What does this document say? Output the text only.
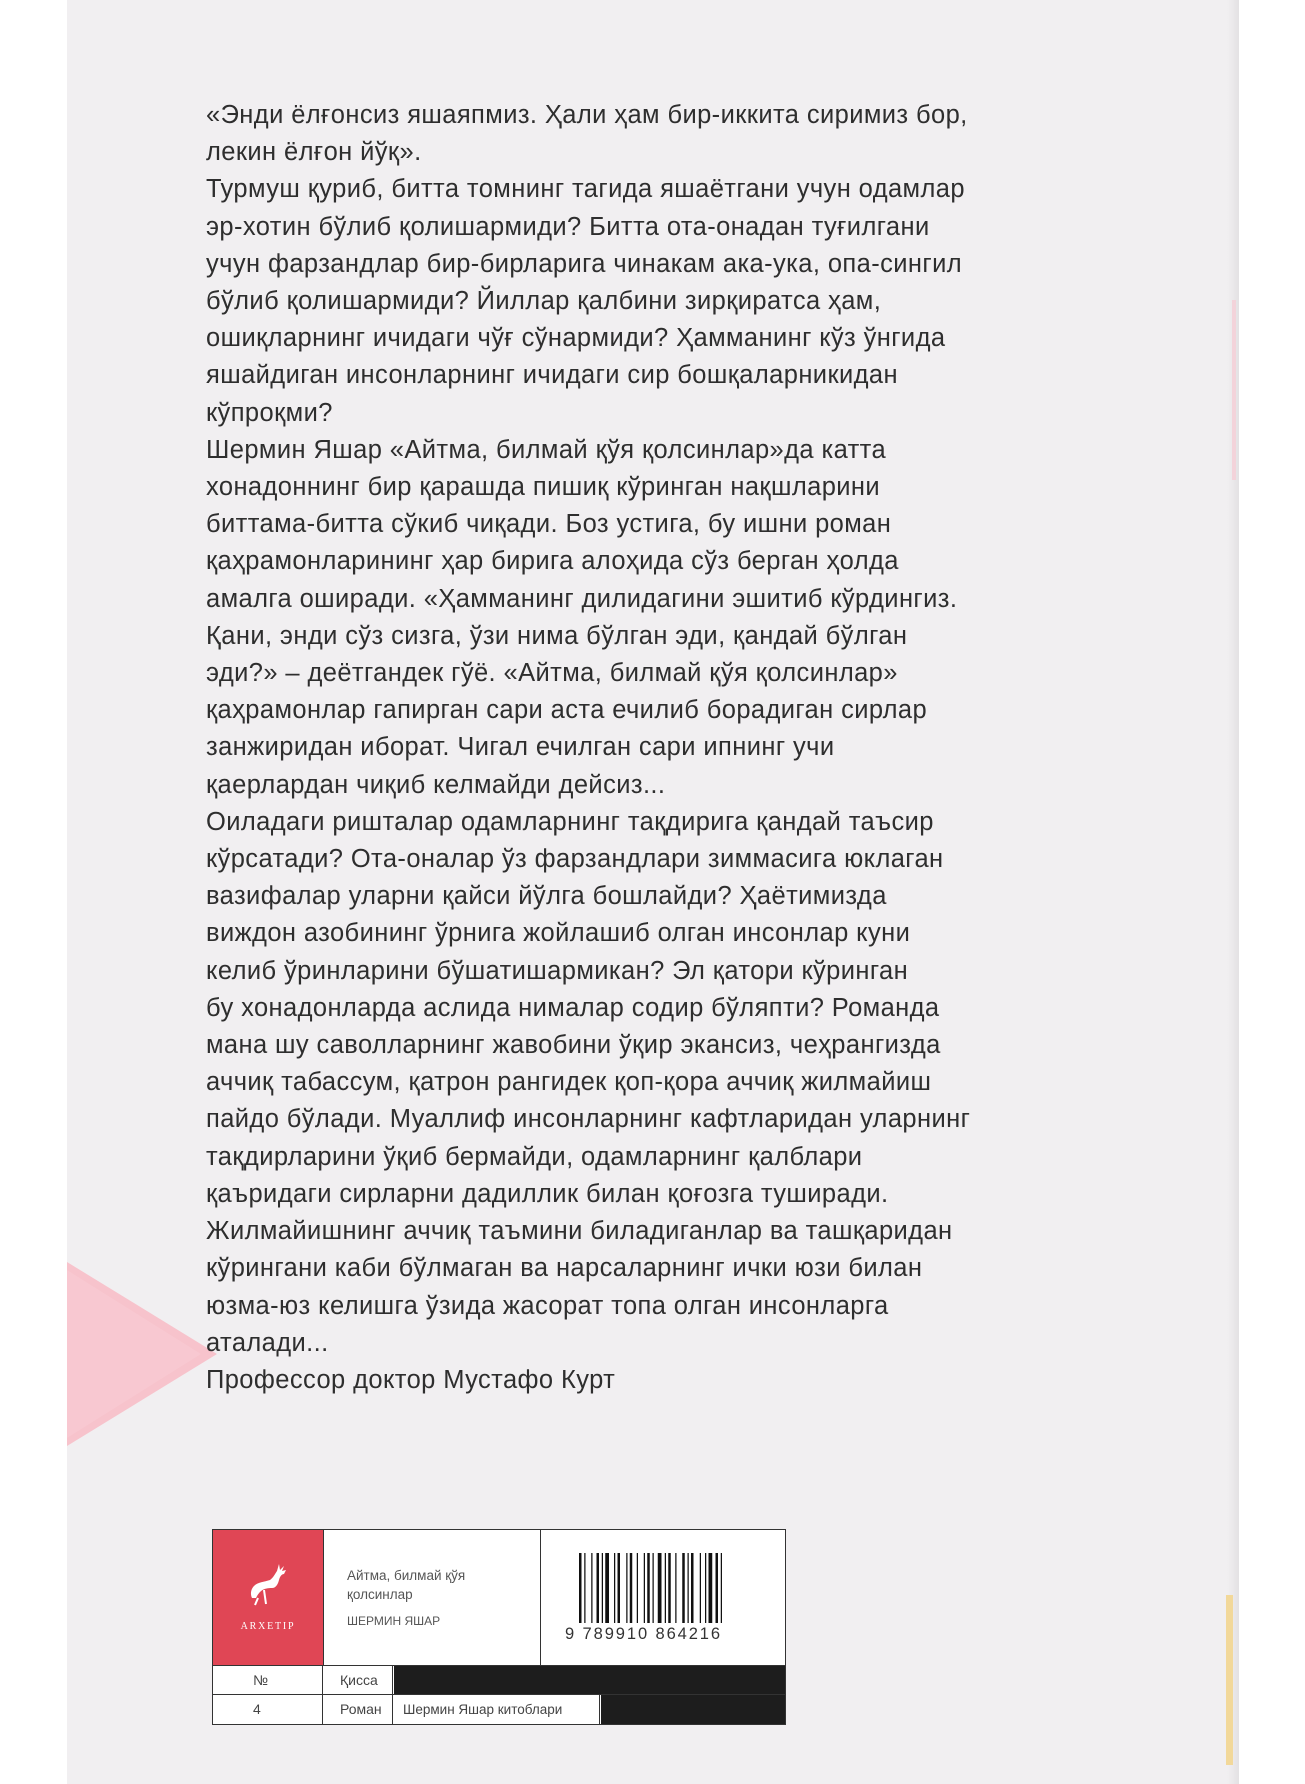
«Энди ёлғонсиз яшаяпмиз. Ҳали ҳам бир-иккита сиримиз бор,

лекин ёлғон йўқ».

Турмуш қуриб, битта томнинг тагида яшаётгани учун одамлар

эр-хотин бўлиб қолишармиди? Битта ота-онадан туғилгани

учун фарзандлар бир-бирларига чинакам ака-ука, опа-сингил

бўлиб қолишармиди? Йиллар қалбини зирқиратса ҳам,

ошиқларнинг ичидаги чўғ сўнармиди? Ҳамманинг кўз ўнгида

яшайдиган инсонларнинг ичидаги сир бошқаларникидан

кўпроқми?

Шермин Яшар «Айтма, билмай қўя қолсинлар»да катта

хонадоннинг бир қарашда пишиқ кўринган нақшларини

биттама-битта сўкиб чиқади. Боз устига, бу ишни роман

қаҳрамонларининг ҳар бирига алоҳида сўз берган ҳолда

амалга оширади. «Ҳамманинг дилидагини эшитиб кўрдингиз.

Қани, энди сўз сизга, ўзи нима бўлган эди, қандай бўлган

эди?» – деётгандек гўё. «Айтма, билмай қўя қолсинлар»

қаҳрамонлар гапирган сари аста ечилиб борадиган сирлар

занжиридан иборат. Чигал ечилган сари ипнинг учи

қаерлардан чиқиб келмайди дейсиз...

Оиладаги ришталар одамларнинг тақдирига қандай таъсир

кўрсатади? Ота-оналар ўз фарзандлари зиммасига юклаган

вазифалар уларни қайси йўлга бошлайди? Ҳаётимизда

виждон азобининг ўрнига жойлашиб олган инсонлар куни

келиб ўринларини бўшатишармикан? Эл қатори кўринган

бу хонадонларда аслида нималар содир бўляпти? Романда

мана шу саволларнинг жавобини ўқир экансиз, чеҳрангизда

аччиқ табассум, қатрон рангидек қоп-қора аччиқ жилмайиш

пайдо бўлади. Муаллиф инсонларнинг кафтларидан уларнинг

тақдирларини ўқиб бермайди, одамларнинг қалблари

қаъридаги сирларни дадиллик билан қоғозга туширади.

Жилмайишнинг аччиқ таъмини биладиганлар ва ташқаридан

кўрингани каби бўлмаган ва нарсаларнинг ички юзи билан

юзма-юз келишга ўзида жасорат топа олган инсонларга

аталади...

Профессор доктор Мустафо Курт

ARXETIP
Айтма, билмай қўя
қолсинлар
ШЕРМИН ЯШАР
9 789910 864216
№	Қисса
4	Роман	Шермин Яшар китоблари
